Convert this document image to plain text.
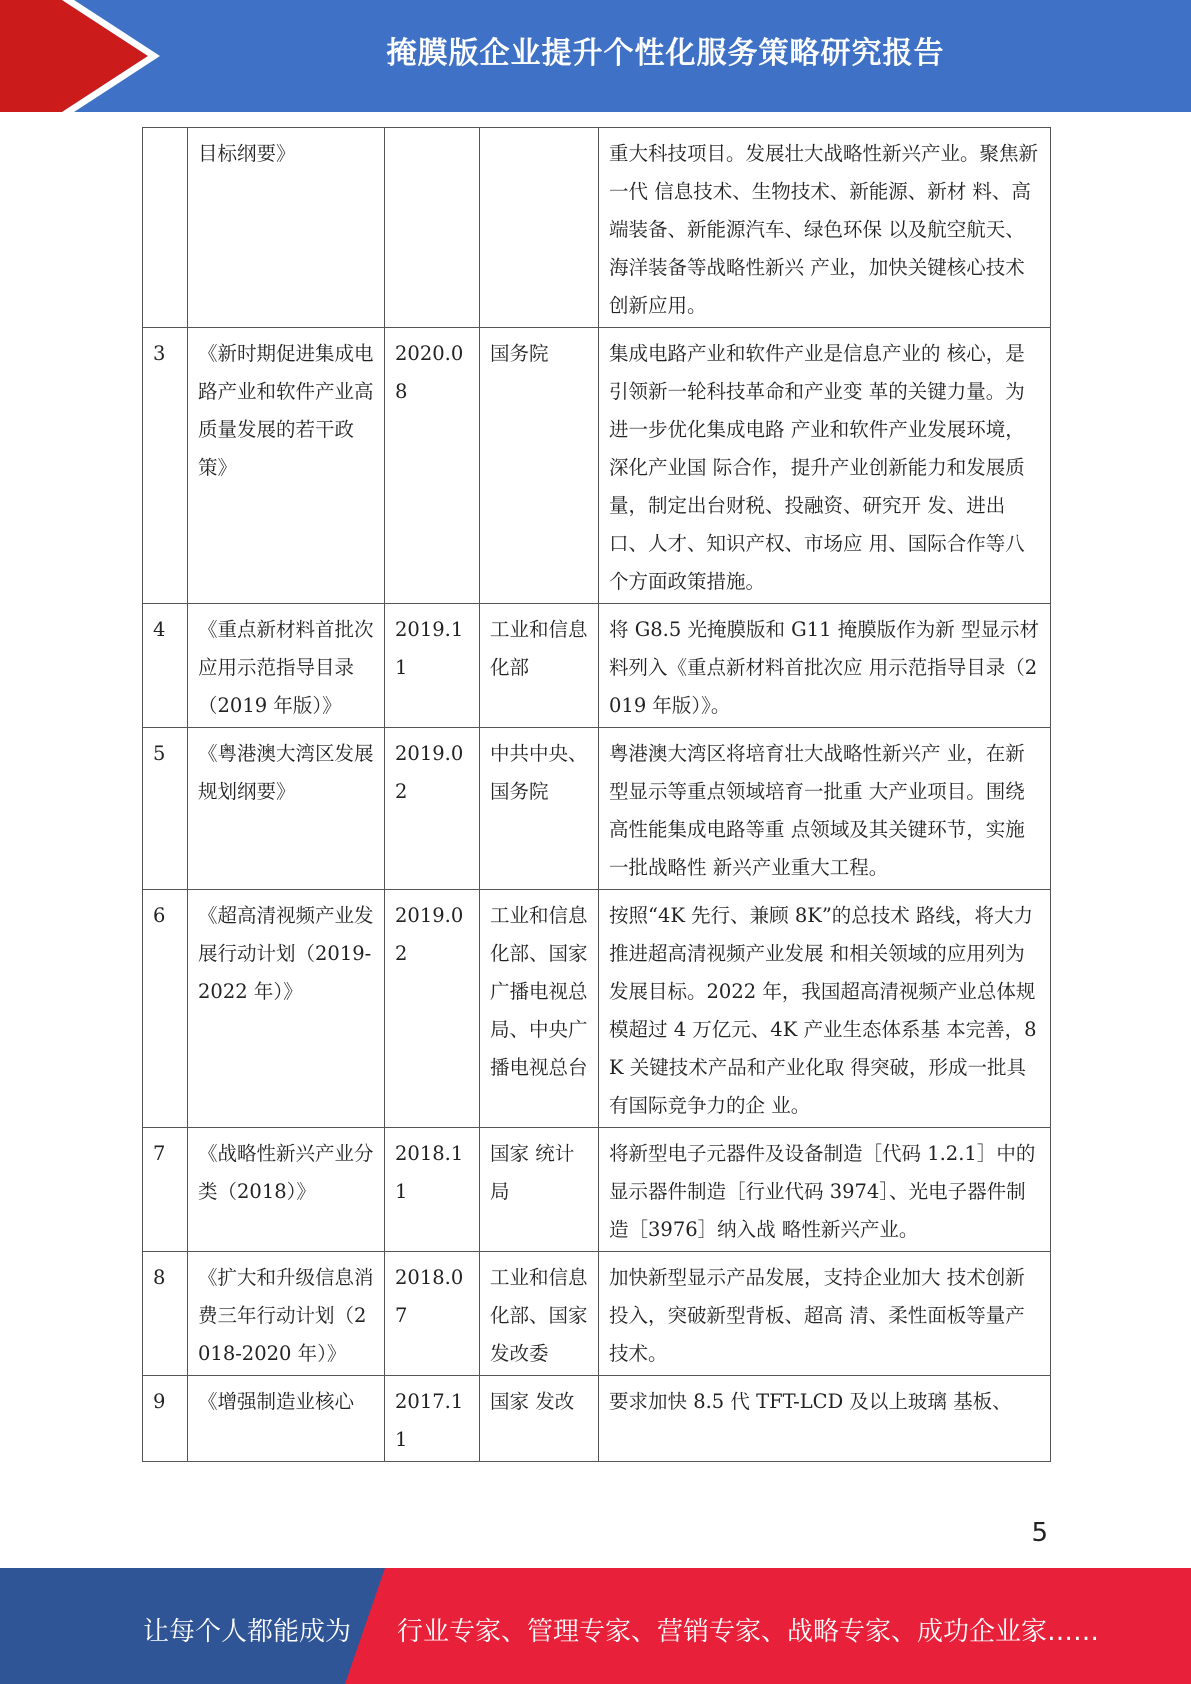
掩膜版企业提升个性化服务策略研究报告
	目标纲要》			重大科技项目。发展壮大战略性新兴产业。聚焦新一代 信息技术、生物技术、新能源、新材 料、高端装备、新能源汽车、绿色环保 以及航空航天、海洋装备等战略性新兴 产业，加快关键核心技术创新应用。
3	《新时期促进集成电路产业和软件产业高质量发展的若干政策》	2020.08	国务院	集成电路产业和软件产业是信息产业的 核心，是引领新一轮科技革命和产业变 革的关键力量。为进一步优化集成电路 产业和软件产业发展环境，深化产业国 际合作，提升产业创新能力和发展质 量，制定出台财税、投融资、研究开 发、进出口、人才、知识产权、市场应 用、国际合作等八个方面政策措施。
4	《重点新材料首批次应用示范指导目录（2019 年版）》	2019.11	工业和信息化部	将 G8.5 光掩膜版和 G11 掩膜版作为新 型显示材料列入《重点新材料首批次应 用示范指导目录（2019 年版）》。
5	《粤港澳大湾区发展规划纲要》	2019.02	中共中央、国务院	粤港澳大湾区将培育壮大战略性新兴产 业，在新型显示等重点领域培育一批重 大产业项目。围绕高性能集成电路等重 点领域及其关键环节，实施一批战略性 新兴产业重大工程。
6	《超高清视频产业发展行动计划（2019-2022 年）》	2019.02	工业和信息化部、国家广播电视总局、中央广播电视总台	按照“4K 先行、兼顾 8K”的总技术 路线，将大力推进超高清视频产业发展 和相关领域的应用列为发展目标。2022 年，我国超高清视频产业总体规 模超过 4 万亿元、4K 产业生态体系基 本完善，8K 关键技术产品和产业化取 得突破，形成一批具有国际竞争力的企 业。
7	《战略性新兴产业分类（2018）》	2018.11	国家 统计局	将新型电子元器件及设备制造［代码 1.2.1］中的显示器件制造［行业代码 3974］、光电子器件制造［3976］纳入战 略性新兴产业。
8	《扩大和升级信息消费三年行动计划（2018-2020 年）》	2018.07	工业和信息化部、国家发改委	加快新型显示产品发展，支持企业加大 技术创新投入，突破新型背板、超高 清、柔性面板等量产技术。
9	《增强制造业核心	2017.11	国家 发改	要求加快 8.5 代 TFT-LCD 及以上玻璃 基板、
5
让每个人都能成为 行业专家、管理专家、营销专家、战略专家、成功企业家……
